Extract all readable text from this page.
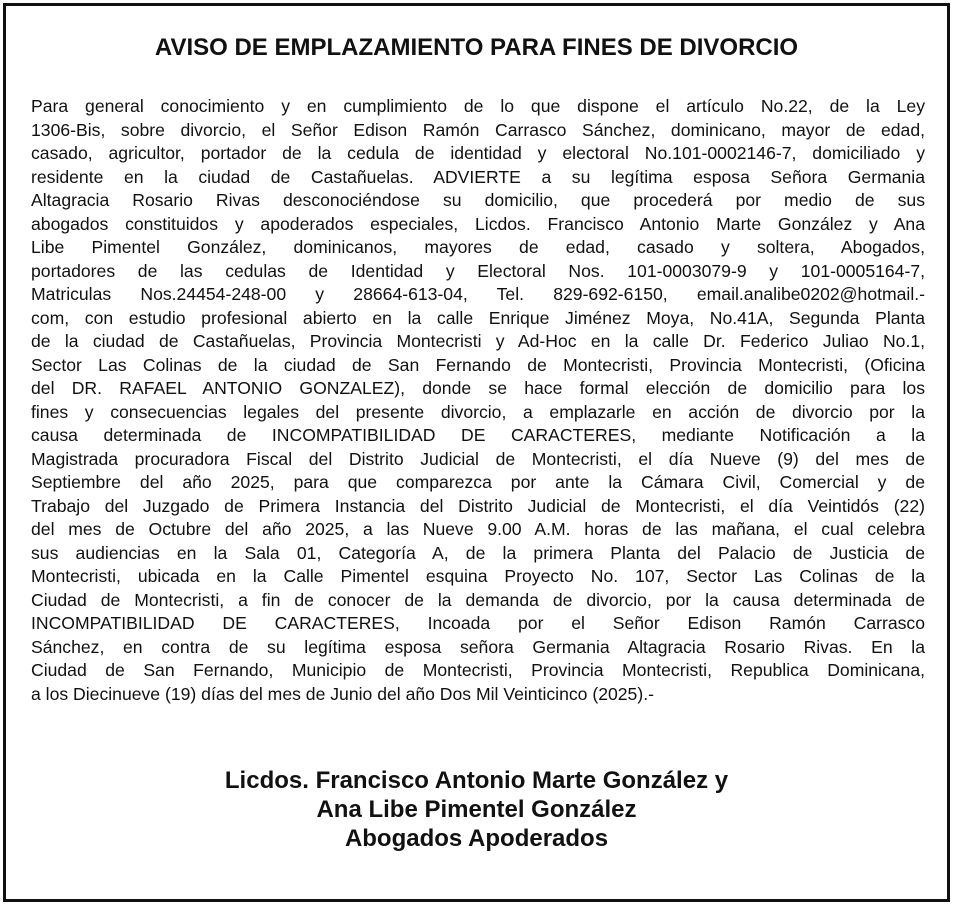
AVISO DE EMPLAZAMIENTO PARA FINES DE DIVORCIO
Para general conocimiento y en cumplimiento de lo que dispone el artículo No.22, de la Ley
1306-Bis, sobre divorcio, el Señor Edison Ramón Carrasco Sánchez, dominicano, mayor de edad,
casado, agricultor, portador de la cedula de identidad y electoral No.101-0002146-7, domiciliado y
residente en la ciudad de Castañuelas. ADVIERTE a su legítima esposa Señora Germania
Altagracia Rosario Rivas desconociéndose su domicilio, que procederá por medio de sus
abogados constituidos y apoderados especiales, Licdos. Francisco Antonio Marte González y Ana
Libe Pimentel González, dominicanos, mayores de edad, casado y soltera, Abogados,
portadores de las cedulas de Identidad y Electoral Nos. 101-0003079-9 y 101-0005164-7,
Matriculas Nos.24454-248-00 y 28664-613-04, Tel. 829-692-6150, email.analibe0202@hotmail.-
com, con estudio profesional abierto en la calle Enrique Jiménez Moya, No.41A, Segunda Planta
de la ciudad de Castañuelas, Provincia Montecristi y Ad-Hoc en la calle Dr. Federico Juliao No.1,
Sector Las Colinas de la ciudad de San Fernando de Montecristi, Provincia Montecristi, (Oficina
del DR. RAFAEL ANTONIO GONZALEZ), donde se hace formal elección de domicilio para los
fines y consecuencias legales del presente divorcio, a emplazarle en acción de divorcio por la
causa determinada de INCOMPATIBILIDAD DE CARACTERES, mediante Notificación a la
Magistrada procuradora Fiscal del Distrito Judicial de Montecristi, el día Nueve (9) del mes de
Septiembre del año 2025, para que comparezca por ante la Cámara Civil, Comercial y de
Trabajo del Juzgado de Primera Instancia del Distrito Judicial de Montecristi, el día Veintidós (22)
del mes de Octubre del año 2025, a las Nueve 9.00 A.M. horas de las mañana, el cual celebra
sus audiencias en la Sala 01, Categoría A, de la primera Planta del Palacio de Justicia de
Montecristi, ubicada en la Calle Pimentel esquina Proyecto No. 107, Sector Las Colinas de la
Ciudad de Montecristi, a fin de conocer de la demanda de divorcio, por la causa determinada de
INCOMPATIBILIDAD DE CARACTERES, Incoada por el Señor Edison Ramón Carrasco
Sánchez, en contra de su legítima esposa señora Germania Altagracia Rosario Rivas. En la
Ciudad de San Fernando, Municipio de Montecristi, Provincia Montecristi, Republica Dominicana,
a los Diecinueve (19) días del mes de Junio del año Dos Mil Veinticinco (2025).-
Licdos. Francisco Antonio Marte González y
Ana Libe Pimentel González
Abogados Apoderados
